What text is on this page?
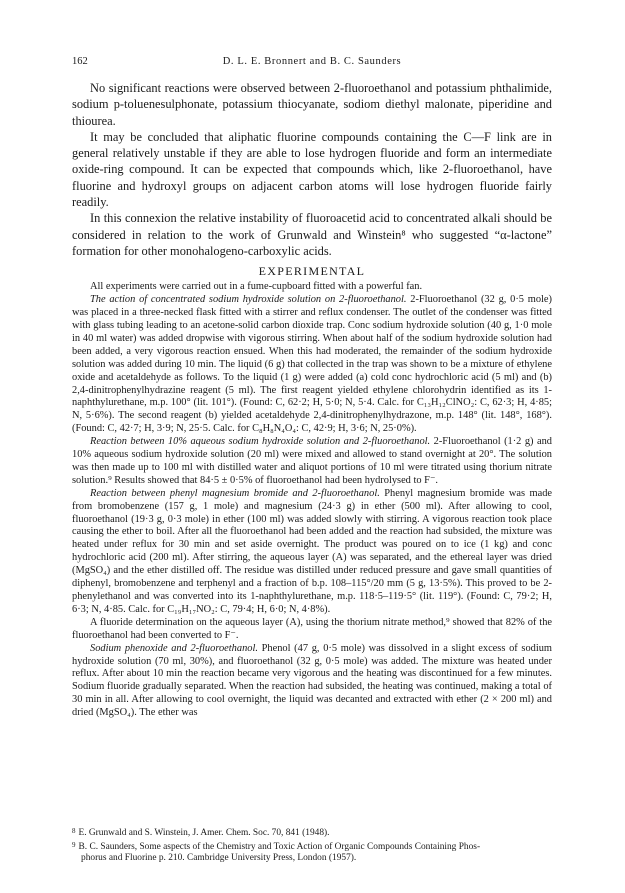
162	D. L. E. Bronnert and B. C. Saunders

No significant reactions were observed between 2-fluoroethanol and potassium phthalimide, sodium p-toluenesulphonate, potassium thiocyanate, sodiom diethyl malonate, piperidine and thiourea.

It may be concluded that aliphatic fluorine compounds containing the C—F link are in general relatively unstable if they are able to lose hydrogen fluoride and form an intermediate oxide-ring compound. It can be expected that compounds which, like 2-fluoroethanol, have fluorine and hydroxyl groups on adjacent carbon atoms will lose hydrogen fluoride fairly readily.

In this connexion the relative instability of fluoroacetid acid to concentrated alkali should be considered in relation to the work of Grunwald and Winstein⁸ who suggested “α-lactone” formation for other monohalogeno-carboxylic acids.

EXPERIMENTAL

All experiments were carried out in a fume-cupboard fitted with a powerful fan.

The action of concentrated sodium hydroxide solution on 2-fluoroethanol. 2-Fluoroethanol (32 g, 0·5 mole) was placed in a three-necked flask fitted with a stirrer and reflux condenser. The outlet of the condenser was fitted with glass tubing leading to an acetone-solid carbon dioxide trap. Conc sodium hydroxide solution (40 g, 1·0 mole in 40 ml water) was added dropwise with vigorous stirring. When about half of the sodium hydroxide solution had been added, a very vigorous reaction ensued. When this had moderated, the remainder of the sodium hydroxide solution was added during 10 min. The liquid (6 g) that collected in the trap was shown to be a mixture of ethylene oxide and acetaldehyde as follows. To the liquid (1 g) were added (a) cold conc hydrochloric acid (5 ml) and (b) 2,4-dinitrophenylhydrazine reagent (5 ml). The first reagent yielded ethylene chlorohydrin identified as its 1-naphthylurethane, m.p. 100° (lit. 101°). (Found: C, 62·2; H, 5·0; N, 5·4. Calc. for C₁₃H₁₂ClNO₂: C, 62·3; H, 4·85; N, 5·6%). The second reagent (b) yielded acetaldehyde 2,4-dinitrophenylhydrazone, m.p. 148° (lit. 148°, 168°). (Found: C, 42·7; H, 3·9; N, 25·5. Calc. for C₈H₈N₄O₄: C, 42·9; H, 3·6; N, 25·0%).

Reaction between 10% aqueous sodium hydroxide solution and 2-fluoroethanol. 2-Fluoroethanol (1·2 g) and 10% aqueous sodium hydroxide solution (20 ml) were mixed and allowed to stand overnight at 20°. The solution was then made up to 100 ml with distilled water and aliquot portions of 10 ml were titrated using thorium nitrate solution.⁹ Results showed that 84·5 ± 0·5% of fluoroethanol had been hydrolysed to F⁻.

Reaction between phenyl magnesium bromide and 2-fluoroethanol. Phenyl magnesium bromide was made from bromobenzene (157 g, 1 mole) and magnesium (24·3 g) in ether (500 ml). After allowing to cool, fluoroethanol (19·3 g, 0·3 mole) in ether (100 ml) was added slowly with stirring. A vigorous reaction took place causing the ether to boil. After all the fluoroethanol had been added and the reaction had subsided, the mixture was heated under reflux for 30 min and set aside overnight. The product was poured on to ice (1 kg) and conc hydrochloric acid (200 ml). After stirring, the aqueous layer (A) was separated, and the ethereal layer was dried (MgSO₄) and the ether distilled off. The residue was distilled under reduced pressure and gave small quantities of diphenyl, bromobenzene and terphenyl and a fraction of b.p. 108–115°/20 mm (5 g, 13·5%). This proved to be 2-phenylethanol and was converted into its 1-naphthylurethane, m.p. 118·5–119·5° (lit. 119°). (Found: C, 79·2; H, 6·3; N, 4·85. Calc. for C₁₉H₁₇NO₂: C, 79·4; H, 6·0; N, 4·8%).

A fluoride determination on the aqueous layer (A), using the thorium nitrate method,⁹ showed that 82% of the fluoroethanol had been converted to F⁻.

Sodium phenoxide and 2-fluoroethanol. Phenol (47 g, 0·5 mole) was dissolved in a slight excess of sodium hydroxide solution (70 ml, 30%), and fluoroethanol (32 g, 0·5 mole) was added. The mixture was heated under reflux. After about 10 min the reaction became very vigorous and the heating was discontinued for a few minutes. Sodium fluoride gradually separated. When the reaction had subsided, the heating was continued, making a total of 30 min in all. After allowing to cool overnight, the liquid was decanted and extracted with ether (2 × 200 ml) and dried (MgSO₄). The ether was

$^8$ E. Grunwald and S. Winstein, J. Amer. Chem. Soc. 70, 841 (1948).

$^9$ B. C. Saunders, Some aspects of the Chemistry and Toxic Action of Organic Compounds Containing Phos-
phorus and Fluorine p. 210. Cambridge University Press, London (1957).
